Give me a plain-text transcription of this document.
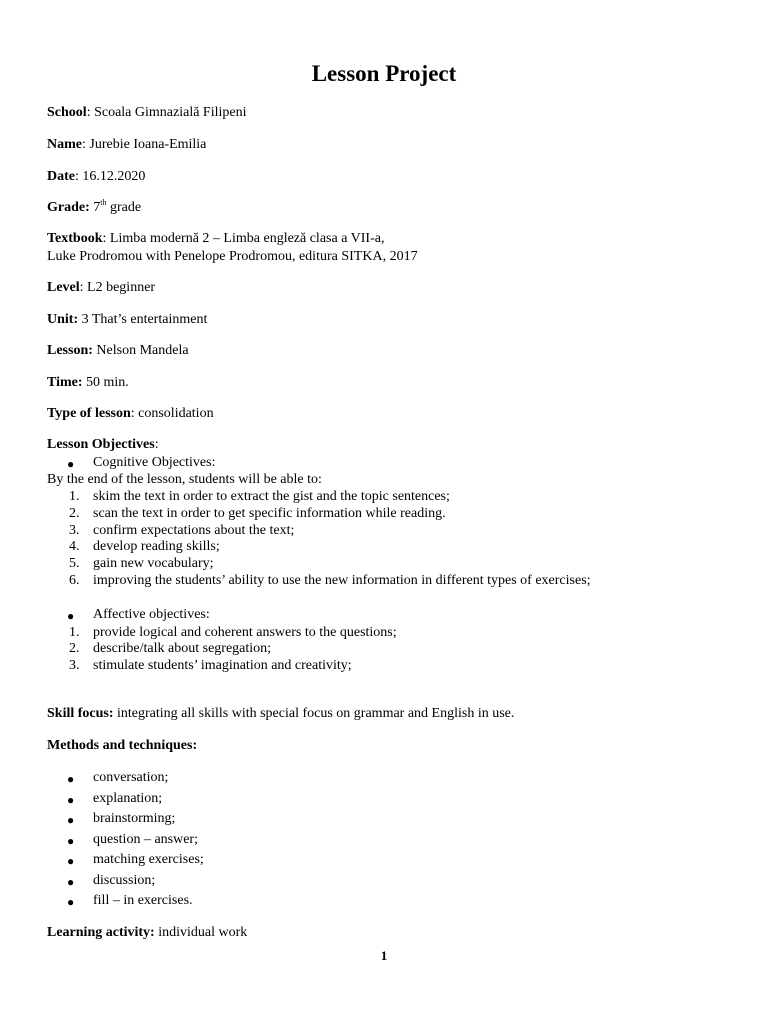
Lesson Project
School: Scoala Gimnazială Filipeni
Name: Jurebie Ioana-Emilia
Date: 16.12.2020
Grade: 7th grade
Textbook: Limba modernă 2 – Limba engleză clasa a VII-a,
Luke Prodromou with Penelope Prodromou, editura SITKA, 2017
Level: L2 beginner
Unit: 3 That’s entertainment
Lesson: Nelson Mandela
Time: 50 min.
Type of lesson: consolidation
Lesson Objectives:
● Cognitive Objectives:
By the end of the lesson, students will be able to:
1. skim the text in order to extract the gist and the topic sentences;
2. scan the text in order to get specific information while reading.
3. confirm expectations about the text;
4. develop reading skills;
5. gain new vocabulary;
6. improving the students’ ability to use the new information in different types of exercises;
● Affective objectives:
1. provide logical and coherent answers to the questions;
2. describe/talk about segregation;
3. stimulate students’ imagination and creativity;
Skill focus: integrating all skills with special focus on grammar and English in use.
Methods and techniques:
● conversation;
● explanation;
● brainstorming;
● question – answer;
● matching exercises;
● discussion;
● fill – in exercises.
Learning activity: individual work
1
